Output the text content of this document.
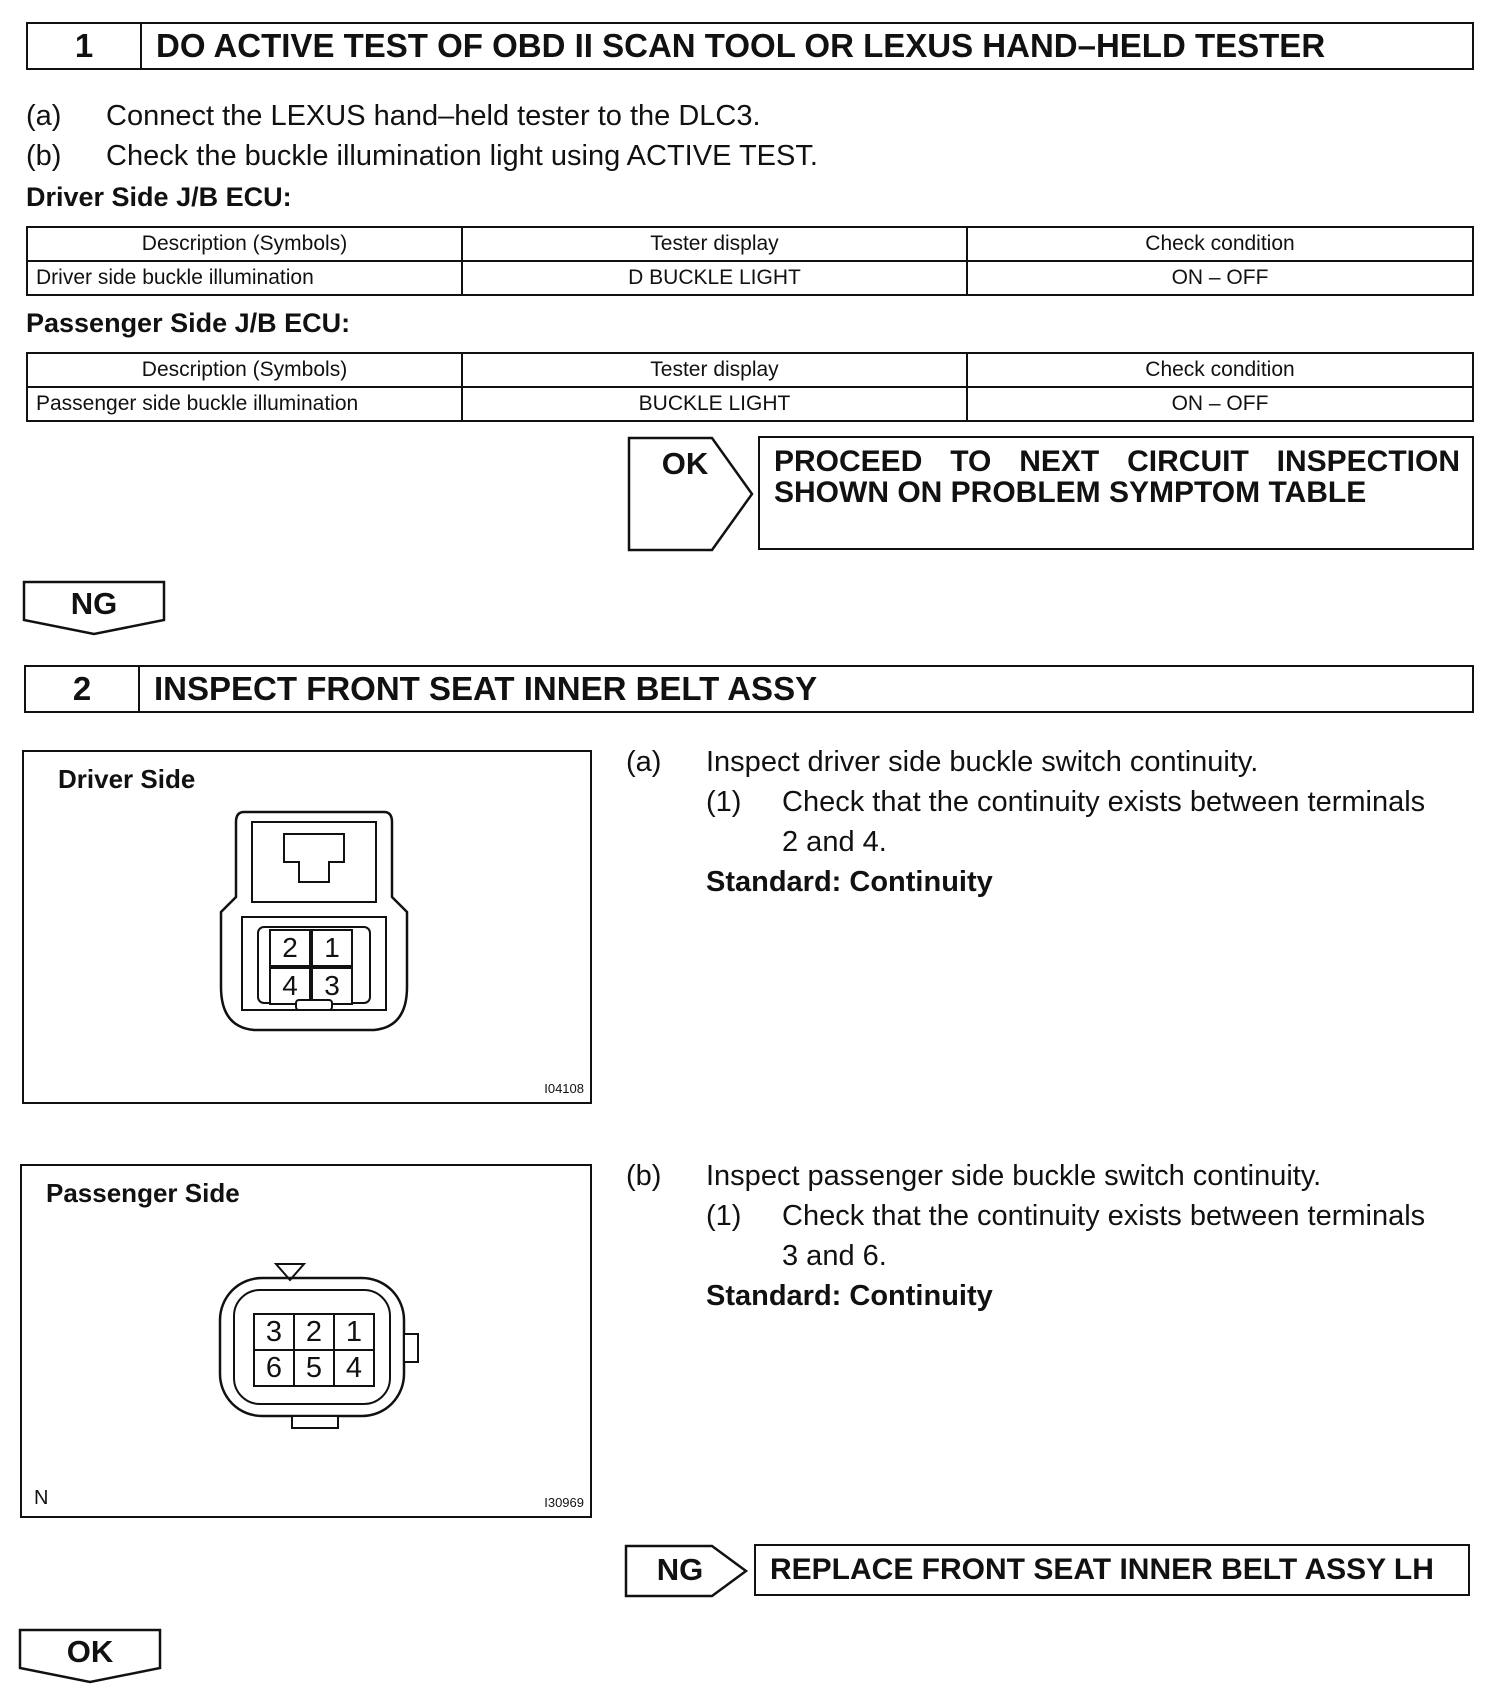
1	DO ACTIVE TEST OF OBD II SCAN TOOL OR LEXUS HAND–HELD TESTER
(a) Connect the LEXUS hand–held tester to the DLC3.
(b) Check the buckle illumination light using ACTIVE TEST.
Driver Side J/B ECU:
Description (Symbols)	Tester display	Check condition
Driver side buckle illumination	D BUCKLE LIGHT	ON – OFF
Passenger Side J/B ECU:
Description (Symbols)	Tester display	Check condition
Passenger side buckle illumination	BUCKLE LIGHT	ON – OFF
OK	PROCEED TO NEXT CIRCUIT INSPECTION
SHOWN ON PROBLEM SYMPTOM TABLE
NG
2	INSPECT FRONT SEAT INNER BELT ASSY
Driver Side
2 1
4 3
I04108
(a) Inspect driver side buckle switch continuity.
(1) Check that the continuity exists between terminals
2 and 4.
Standard: Continuity
Passenger Side
3 2 1
6 5 4
N	I30969
(b) Inspect passenger side buckle switch continuity.
(1) Check that the continuity exists between terminals
3 and 6.
Standard: Continuity
NG	REPLACE FRONT SEAT INNER BELT ASSY LH
OK
